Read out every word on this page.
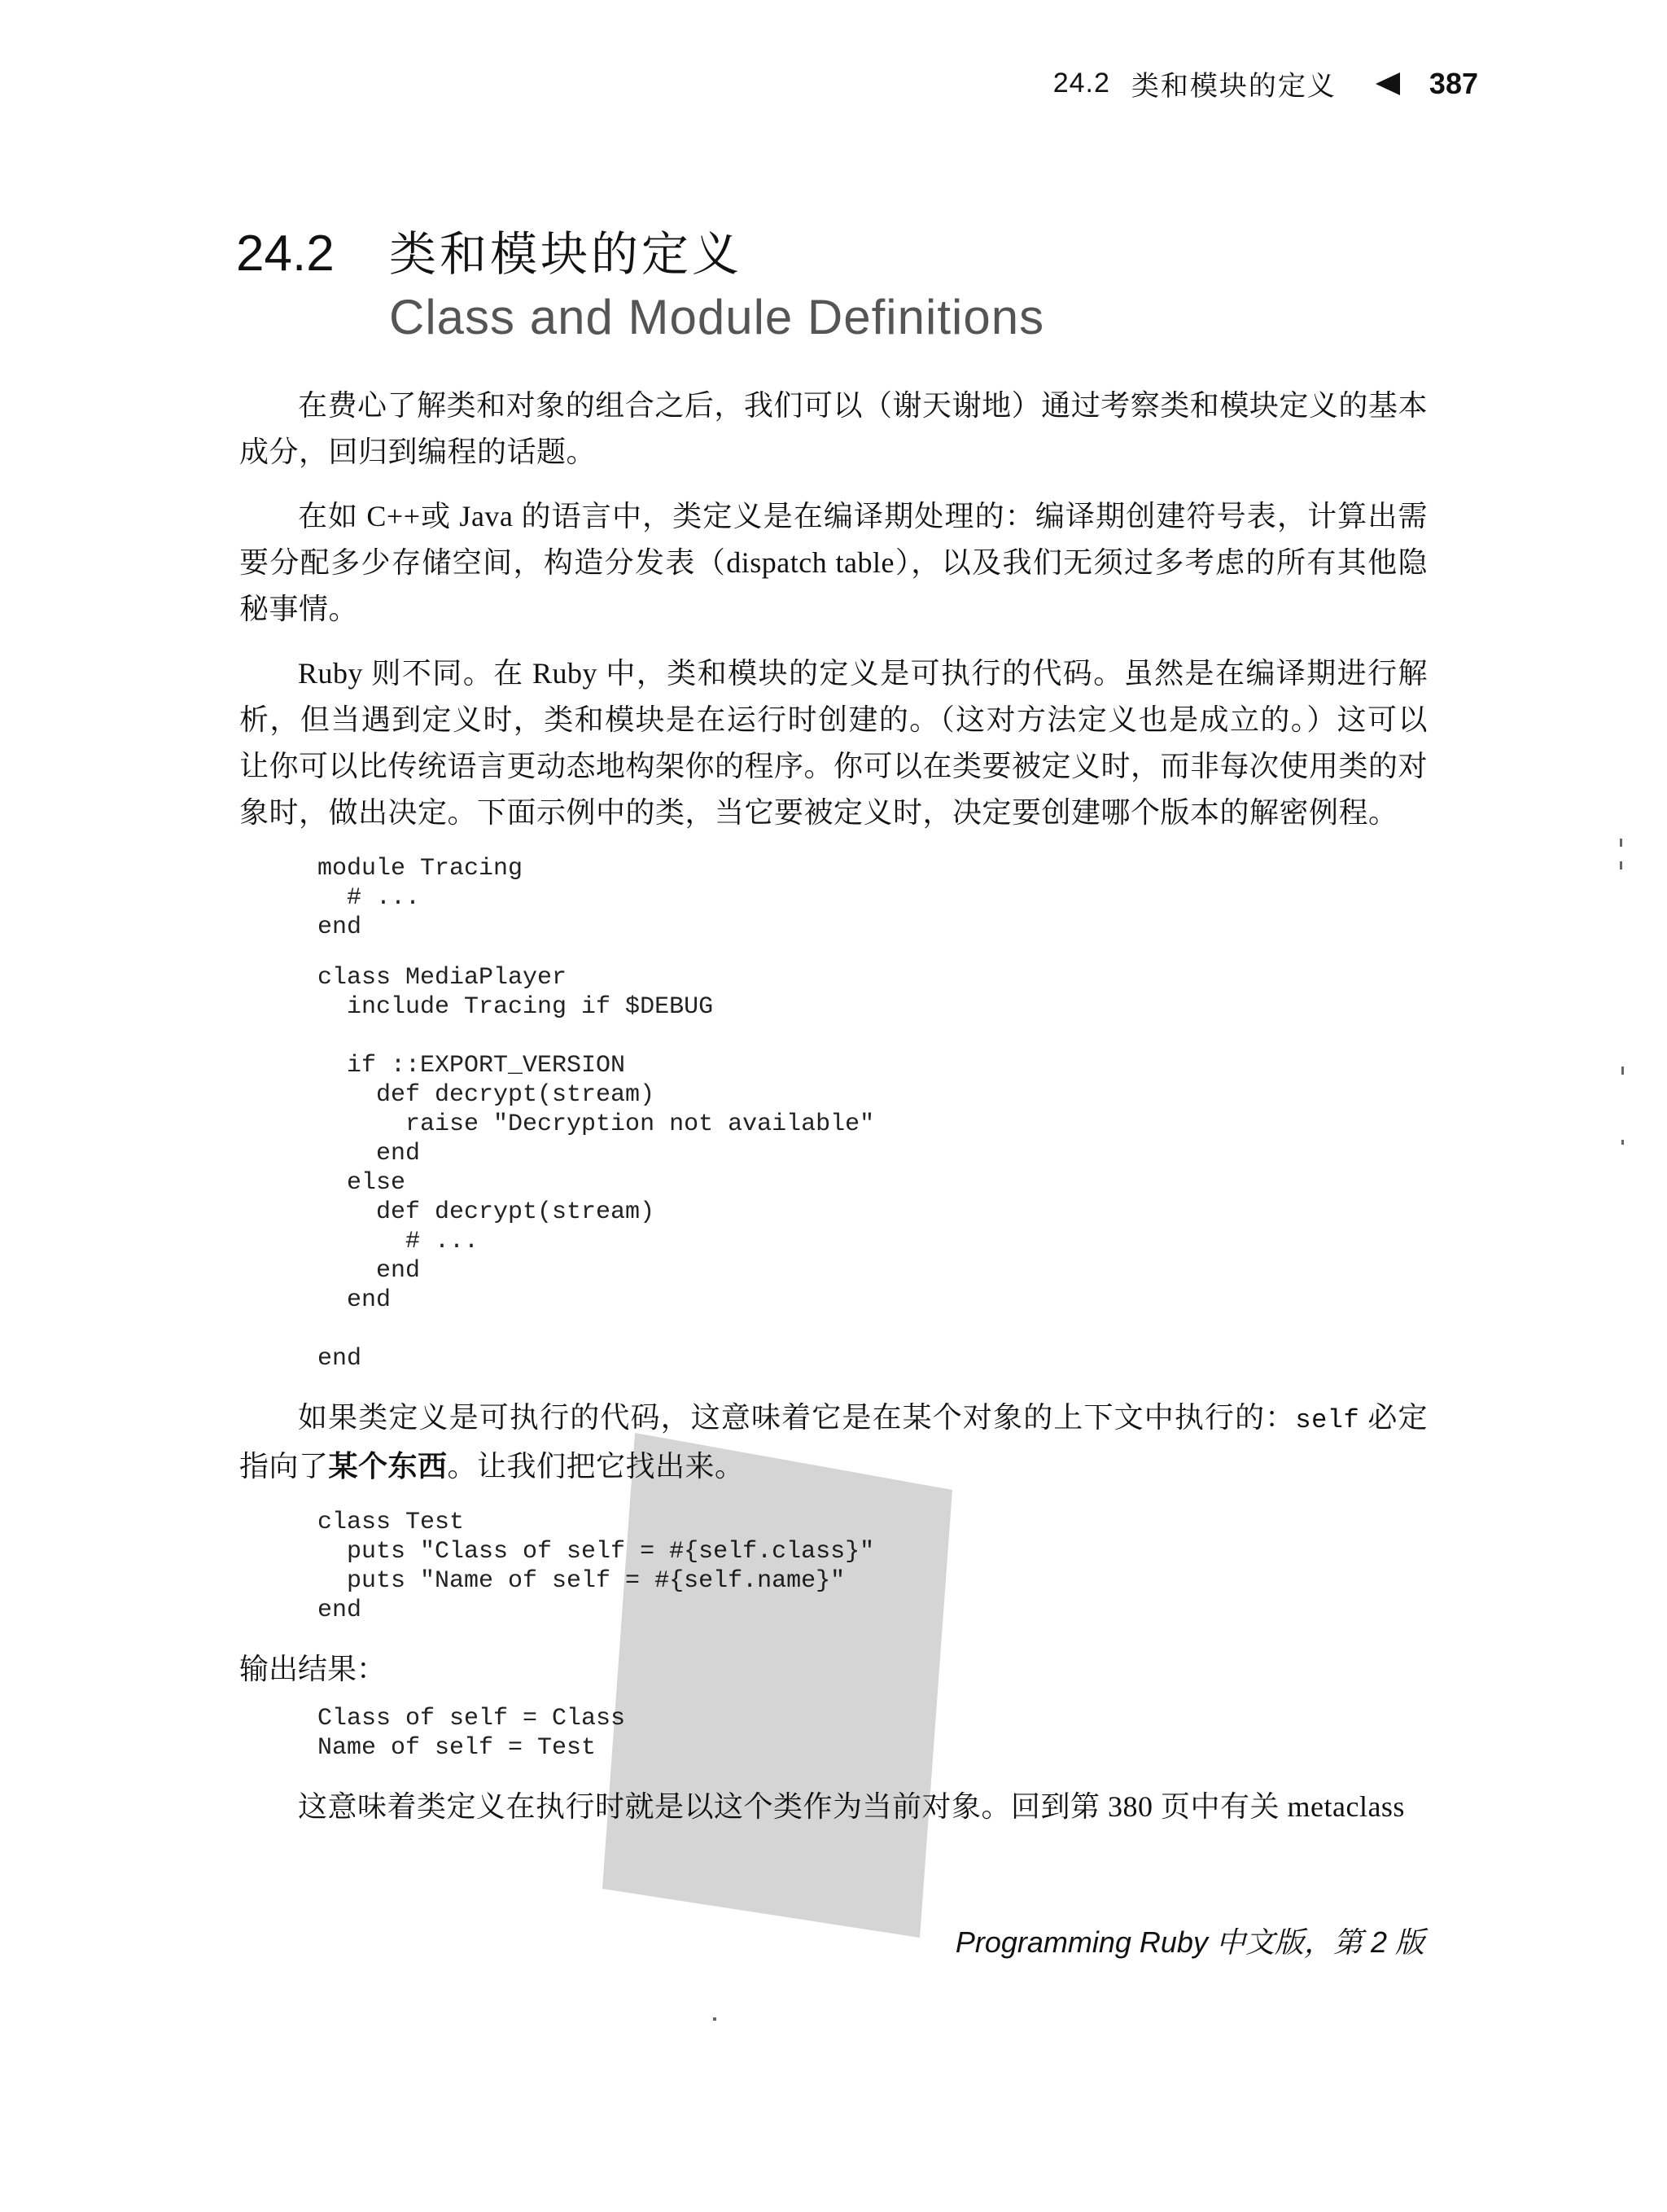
24.2 类和模块的定义	387
24.2	类和模块的定义
Class and Module Definitions

在费心了解类和对象的组合之后，我们可以（谢天谢地）通过考察类和模块定义的基本成分，回归到编程的话题。

在如 C++或 Java 的语言中，类定义是在编译期处理的：编译期创建符号表，计算出需要分配多少存储空间，构造分发表（dispatch table），以及我们无须过多考虑的所有其他隐秘事情。

Ruby 则不同。在 Ruby 中，类和模块的定义是可执行的代码。虽然是在编译期进行解析，但当遇到定义时，类和模块是在运行时创建的。（这对方法定义也是成立的。）这可以让你可以比传统语言更动态地构架你的程序。你可以在类要被定义时，而非每次使用类的对象时，做出决定。下面示例中的类，当它要被定义时，决定要创建哪个版本的解密例程。

module Tracing
# ...
end
class MediaPlayer
include Tracing if $DEBUG

if ::EXPORT_VERSION
def decrypt(stream)
raise "Decryption not available"
end
else
def decrypt(stream)
# ...
end
end

end

如果类定义是可执行的代码，这意味着它是在某个对象的上下文中执行的：self 必定指向了某个东西。让我们把它找出来。

class Test
puts "Class of self = #{self.class}"
puts "Name of self = #{self.name}"
end
输出结果：
Class of self = Class
Name of self = Test

这意味着类定义在执行时就是以这个类作为当前对象。回到第 380 页中有关 metaclass

Programming Ruby 中文版，第 2 版
